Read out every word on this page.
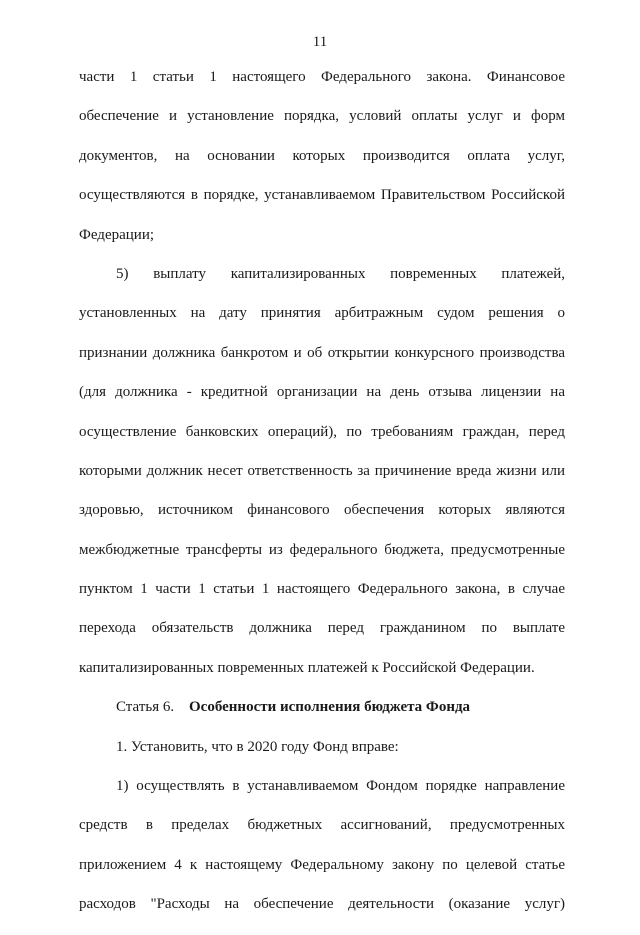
11
части 1 статьи 1 настоящего Федерального закона. Финансовое
обеспечение и установление порядка, условий оплаты услуг и форм
документов, на основании которых производится оплата услуг,
осуществляются в порядке, устанавливаемом Правительством Российской
Федерации;
5) выплату капитализированных повременных платежей,
установленных на дату принятия арбитражным судом решения о
признании должника банкротом и об открытии конкурсного производства
(для должника - кредитной организации на день отзыва лицензии на
осуществление банковских операций), по требованиям граждан, перед
которыми должник несет ответственность за причинение вреда жизни или
здоровью, источником финансового обеспечения которых являются
межбюджетные трансферты из федерального бюджета, предусмотренные
пунктом 1 части 1 статьи 1 настоящего Федерального закона, в случае
перехода обязательств должника перед гражданином по выплате
капитализированных повременных платежей к Российской Федерации.
Статья 6. Особенности исполнения бюджета Фонда
1. Установить, что в 2020 году Фонд вправе:
1) осуществлять в устанавливаемом Фондом порядке направление
средств в пределах бюджетных ассигнований, предусмотренных
приложением 4 к настоящему Федеральному закону по целевой статье
расходов "Расходы на обеспечение деятельности (оказание услуг)
